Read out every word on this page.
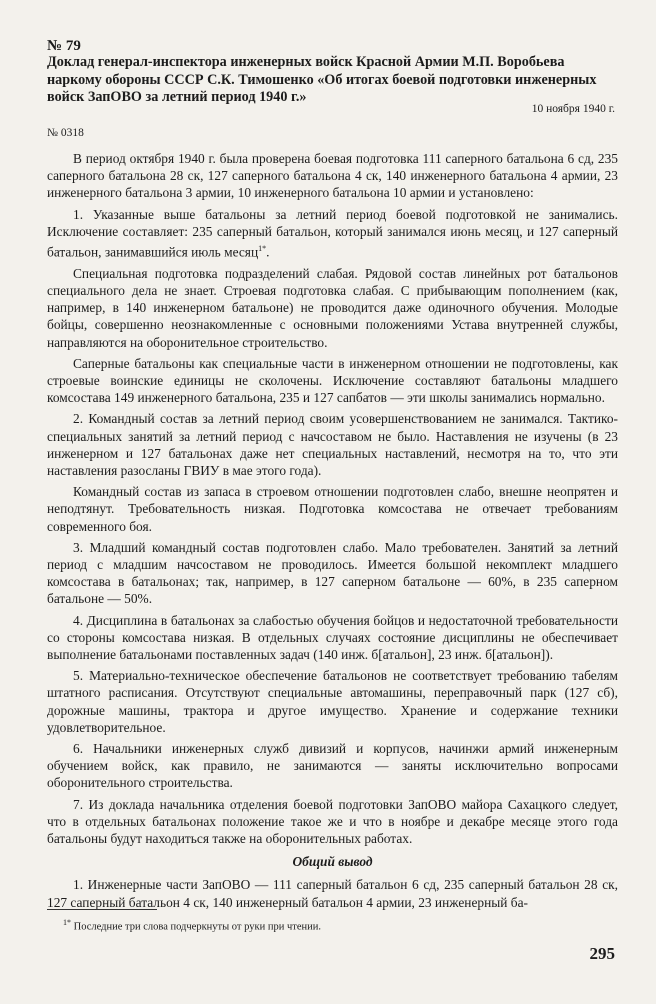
№ 79
Доклад генерал-инспектора инженерных войск Красной Армии М.П. Воробьева наркому обороны СССР С.К. Тимошенко «Об итогах боевой подготовки инженерных войск ЗапОВО за летний период 1940 г.»
10 ноября 1940 г.
№ 0318

В период октября 1940 г. была проверена боевая подготовка 111 саперного батальона 6 сд, 235 саперного батальона 28 ск, 127 саперного батальона 4 ск, 140 инженерного батальона 4 армии, 23 инженерного батальона 3 армии, 10 инженерного батальона 10 армии и установлено:

1. Указанные выше батальоны за летний период боевой подготовкой не занимались. Исключение составляет: 235 саперный батальон, который занимался июнь месяц, и 127 саперный батальон, занимавшийся июль месяц$^{1*}$.

Специальная подготовка подразделений слабая. Рядовой состав линейных рот батальонов специального дела не знает. Строевая подготовка слабая. С прибывающим пополнением (как, например, в 140 инженерном батальоне) не проводится даже одиночного обучения. Молодые бойцы, совершенно неознакомленные с основными положениями Устава внутренней службы, направляются на оборонительное строительство.

Саперные батальоны как специальные части в инженерном отношении не подготовлены, как строевые воинские единицы не сколочены. Исключение составляют батальоны младшего комсостава 149 инженерного батальона, 235 и 127 сапбатов — эти школы занимались нормально.

2. Командный состав за летний период своим усовершенствованием не занимался. Тактико-специальных занятий за летний период с начсоставом не было. Наставления не изучены (в 23 инженерном и 127 батальонах даже нет специальных наставлений, несмотря на то, что эти наставления разосланы ГВИУ в мае этого года).

Командный состав из запаса в строевом отношении подготовлен слабо, внешне неопрятен и неподтянут. Требовательность низкая. Подготовка комсостава не отвечает требованиям современного боя.

3. Младший командный состав подготовлен слабо. Мало требователен. Занятий за летний период с младшим начсоставом не проводилось. Имеется большой некомплект младшего комсостава в батальонах; так, например, в 127 саперном батальоне — 60%, в 235 саперном батальоне — 50%.

4. Дисциплина в батальонах за слабостью обучения бойцов и недостаточной требовательности со стороны комсостава низкая. В отдельных случаях состояние дисциплины не обеспечивает выполнение батальонами поставленных задач (140 инж. б[атальон], 23 инж. б[атальон]).

5. Материально-техническое обеспечение батальонов не соответствует требованию табелям штатного расписания. Отсутствуют специальные автомашины, переправочный парк (127 сб), дорожные машины, трактора и другое имущество. Хранение и содержание техники удовлетворительное.

6. Начальники инженерных служб дивизий и корпусов, начинжи армий инженерным обучением войск, как правило, не занимаются — заняты исключительно вопросами оборонительного строительства.

7. Из доклада начальника отделения боевой подготовки ЗапОВО майора Сахацкого следует, что в отдельных батальонах положение такое же и что в ноябре и декабре месяце этого года батальоны будут находиться также на оборонительных работах.

Общий вывод

1. Инженерные части ЗапОВО — 111 саперный батальон 6 сд, 235 саперный батальон 28 ск, 127 саперный батальон 4 ск, 140 инженерный батальон 4 армии, 23 инженерный ба-

$^{1*}$ Последние три слова подчеркнуты от руки при чтении.
295
